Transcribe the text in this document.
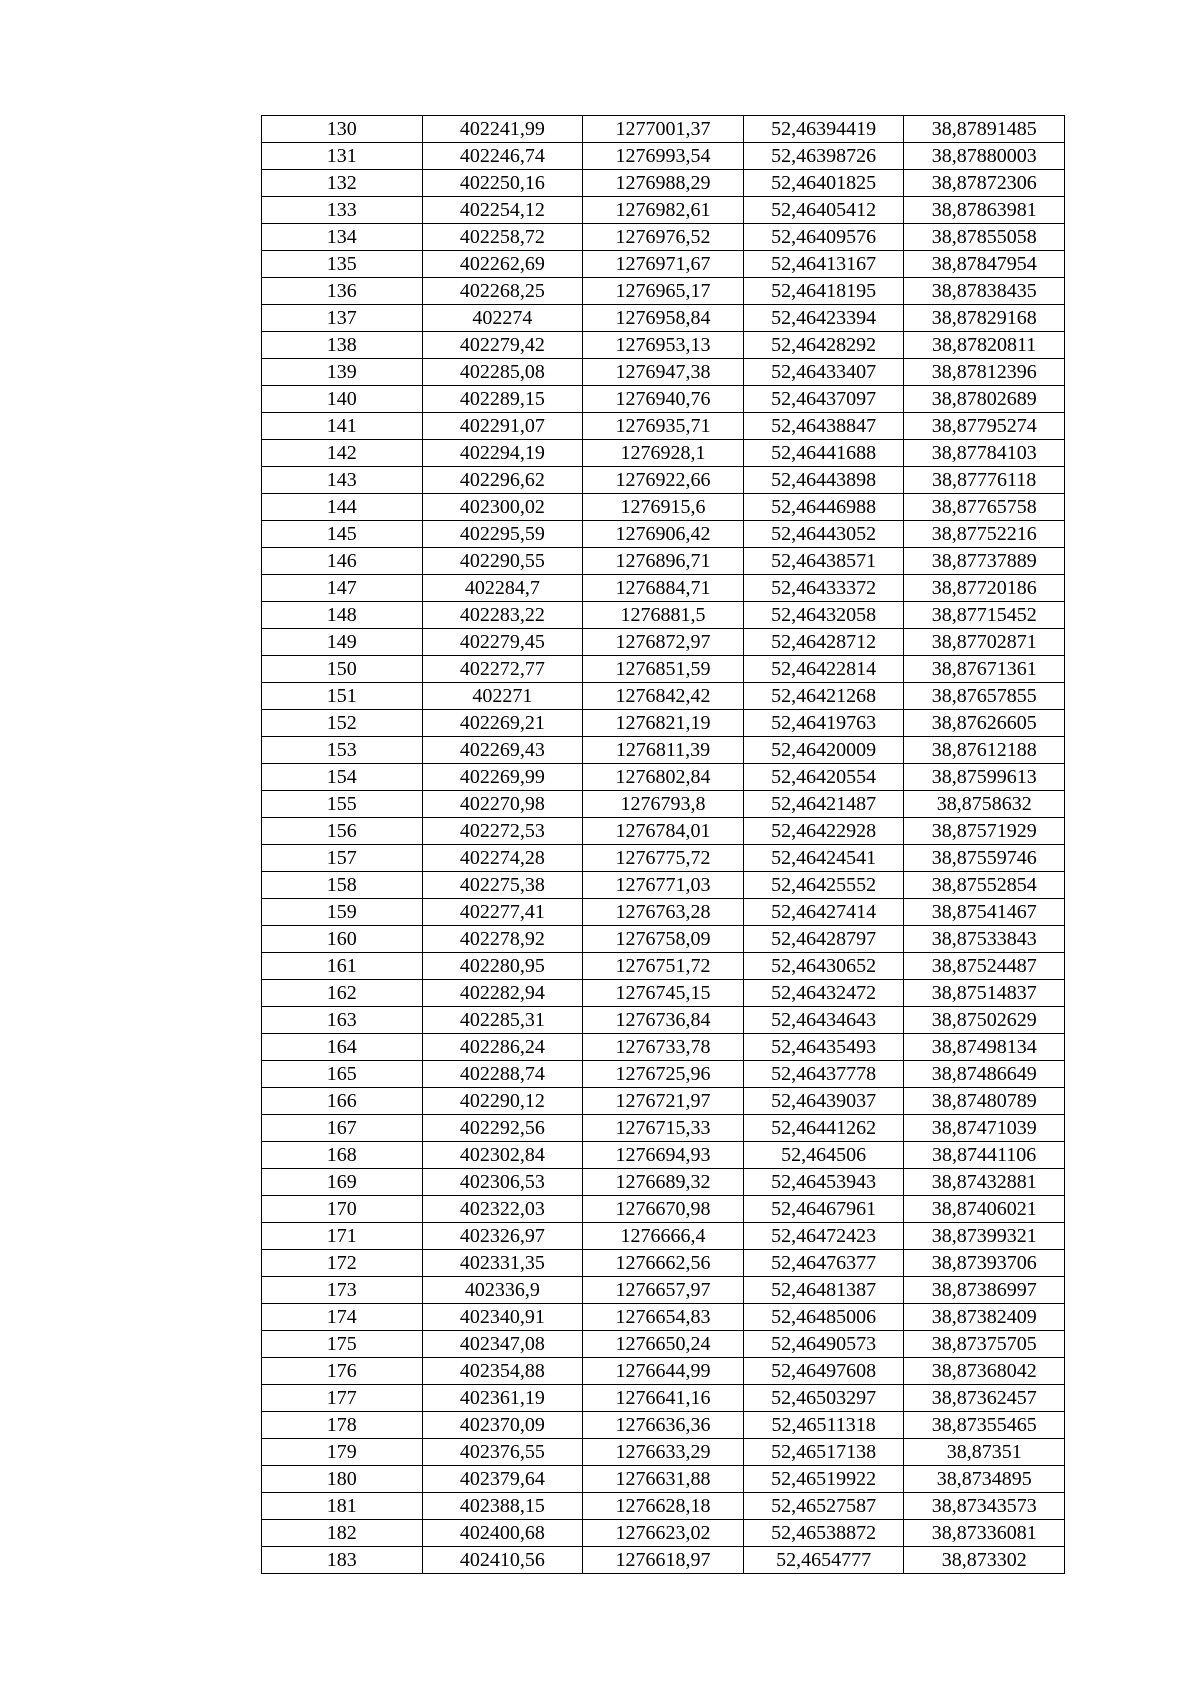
130	402241,99	1277001,37	52,46394419	38,87891485
131	402246,74	1276993,54	52,46398726	38,87880003
132	402250,16	1276988,29	52,46401825	38,87872306
133	402254,12	1276982,61	52,46405412	38,87863981
134	402258,72	1276976,52	52,46409576	38,87855058
135	402262,69	1276971,67	52,46413167	38,87847954
136	402268,25	1276965,17	52,46418195	38,87838435
137	402274	1276958,84	52,46423394	38,87829168
138	402279,42	1276953,13	52,46428292	38,87820811
139	402285,08	1276947,38	52,46433407	38,87812396
140	402289,15	1276940,76	52,46437097	38,87802689
141	402291,07	1276935,71	52,46438847	38,87795274
142	402294,19	1276928,1	52,46441688	38,87784103
143	402296,62	1276922,66	52,46443898	38,87776118
144	402300,02	1276915,6	52,46446988	38,87765758
145	402295,59	1276906,42	52,46443052	38,87752216
146	402290,55	1276896,71	52,46438571	38,87737889
147	402284,7	1276884,71	52,46433372	38,87720186
148	402283,22	1276881,5	52,46432058	38,87715452
149	402279,45	1276872,97	52,46428712	38,87702871
150	402272,77	1276851,59	52,46422814	38,87671361
151	402271	1276842,42	52,46421268	38,87657855
152	402269,21	1276821,19	52,46419763	38,87626605
153	402269,43	1276811,39	52,46420009	38,87612188
154	402269,99	1276802,84	52,46420554	38,87599613
155	402270,98	1276793,8	52,46421487	38,8758632
156	402272,53	1276784,01	52,46422928	38,87571929
157	402274,28	1276775,72	52,46424541	38,87559746
158	402275,38	1276771,03	52,46425552	38,87552854
159	402277,41	1276763,28	52,46427414	38,87541467
160	402278,92	1276758,09	52,46428797	38,87533843
161	402280,95	1276751,72	52,46430652	38,87524487
162	402282,94	1276745,15	52,46432472	38,87514837
163	402285,31	1276736,84	52,46434643	38,87502629
164	402286,24	1276733,78	52,46435493	38,87498134
165	402288,74	1276725,96	52,46437778	38,87486649
166	402290,12	1276721,97	52,46439037	38,87480789
167	402292,56	1276715,33	52,46441262	38,87471039
168	402302,84	1276694,93	52,464506	38,87441106
169	402306,53	1276689,32	52,46453943	38,87432881
170	402322,03	1276670,98	52,46467961	38,87406021
171	402326,97	1276666,4	52,46472423	38,87399321
172	402331,35	1276662,56	52,46476377	38,87393706
173	402336,9	1276657,97	52,46481387	38,87386997
174	402340,91	1276654,83	52,46485006	38,87382409
175	402347,08	1276650,24	52,46490573	38,87375705
176	402354,88	1276644,99	52,46497608	38,87368042
177	402361,19	1276641,16	52,46503297	38,87362457
178	402370,09	1276636,36	52,46511318	38,87355465
179	402376,55	1276633,29	52,46517138	38,87351
180	402379,64	1276631,88	52,46519922	38,8734895
181	402388,15	1276628,18	52,46527587	38,87343573
182	402400,68	1276623,02	52,46538872	38,87336081
183	402410,56	1276618,97	52,4654777	38,873302
